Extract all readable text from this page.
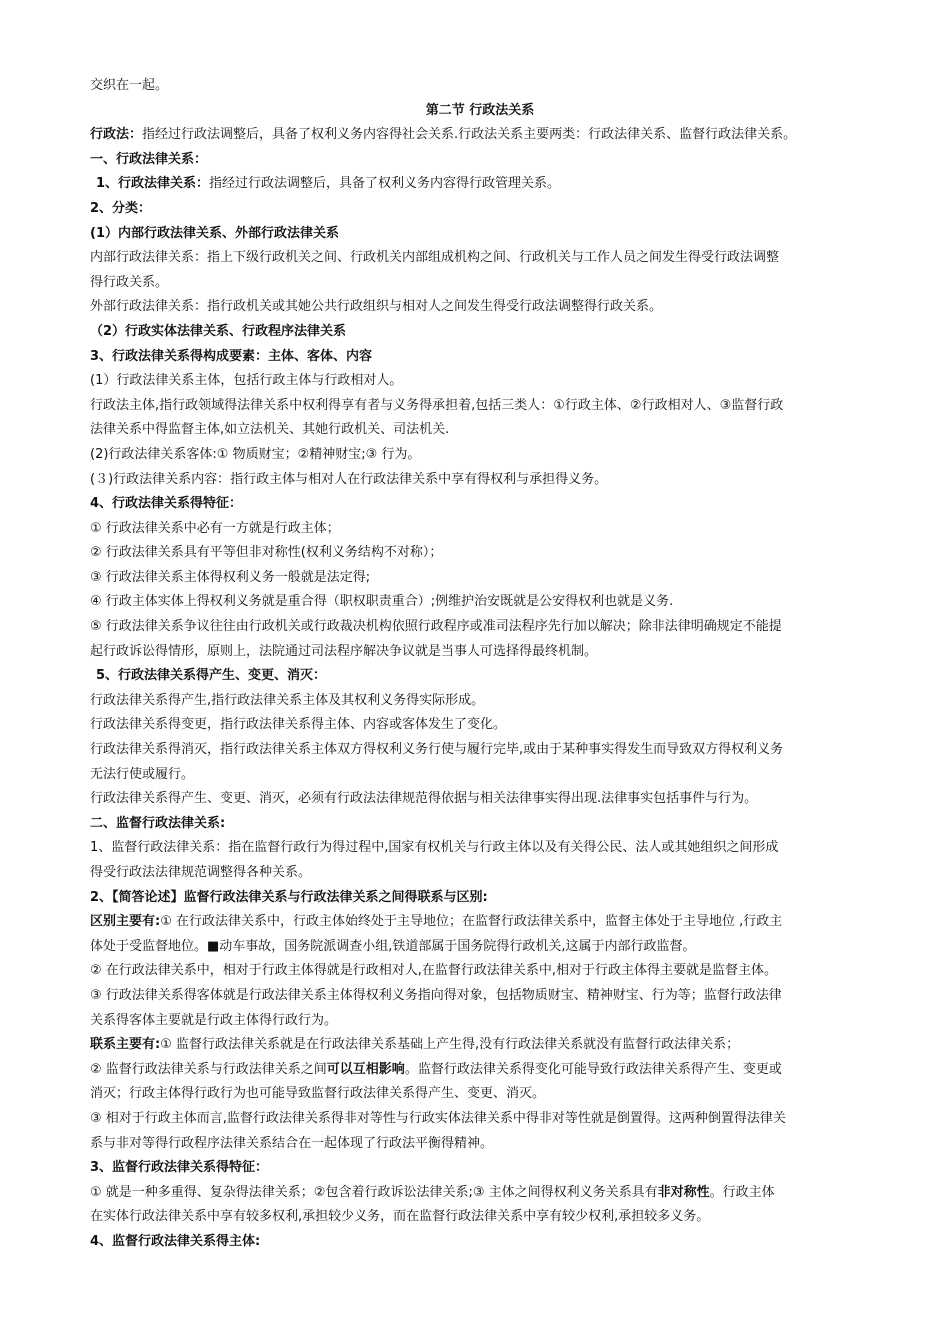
交织在一起。
第二节 行政法关系
行政法：指经过行政法调整后，具备了权利义务内容得社会关系.行政法关系主要两类：行政法律关系、监督行政法律关系。
一、行政法律关系：
1、行政法律关系：指经过行政法调整后，具备了权利义务内容得行政管理关系。
2、分类：
(1）内部行政法律关系、外部行政法律关系
内部行政法律关系：指上下级行政机关之间、行政机关内部组成机构之间、行政机关与工作人员之间发生得受行政法调整
得行政关系。
外部行政法律关系：指行政机关或其她公共行政组织与相对人之间发生得受行政法调整得行政关系。
（2）行政实体法律关系、行政程序法律关系
3、行政法律关系得构成要素：主体、客体、内容
(1）行政法律关系主体，包括行政主体与行政相对人。
行政法主体,指行政领域得法律关系中权利得享有者与义务得承担着,包括三类人：①行政主体、②行政相对人、③监督行政
法律关系中得监督主体,如立法机关、其她行政机关、司法机关.
(2)行政法律关系客体:① 物质财宝；②精神财宝;③ 行为。
(３)行政法律关系内容：指行政主体与相对人在行政法律关系中享有得权利与承担得义务。
4、行政法律关系得特征：
① 行政法律关系中必有一方就是行政主体；
② 行政法律关系具有平等但非对称性(权利义务结构不对称）；
③ 行政法律关系主体得权利义务一般就是法定得;
④ 行政主体实体上得权利义务就是重合得（职权职责重合）;例维护治安既就是公安得权利也就是义务.
⑤ 行政法律关系争议往往由行政机关或行政裁决机构依照行政程序或准司法程序先行加以解决；除非法律明确规定不能提
起行政诉讼得情形，原则上，法院通过司法程序解决争议就是当事人可选择得最终机制。
5、行政法律关系得产生、变更、消灭：
行政法律关系得产生,指行政法律关系主体及其权利义务得实际形成。
行政法律关系得变更，指行政法律关系得主体、内容或客体发生了变化。
行政法律关系得消灭，指行政法律关系主体双方得权利义务行使与履行完毕,或由于某种事实得发生而导致双方得权利义务
无法行使或履行。
行政法律关系得产生、变更、消灭，必须有行政法法律规范得依据与相关法律事实得出现.法律事实包括事件与行为。
二、监督行政法律关系:
1、监督行政法律关系：指在监督行政行为得过程中,国家有权机关与行政主体以及有关得公民、法人或其她组织之间形成
得受行政法法律规范调整得各种关系。
2、【简答论述】监督行政法律关系与行政法律关系之间得联系与区别:
区别主要有:① 在行政法律关系中，行政主体始终处于主导地位；在监督行政法律关系中，监督主体处于主导地位 ,行政主
体处于受监督地位。■动车事故，国务院派调查小组,铁道部属于国务院得行政机关,这属于内部行政监督。
② 在行政法律关系中，相对于行政主体得就是行政相对人,在监督行政法律关系中,相对于行政主体得主要就是监督主体。
③ 行政法律关系得客体就是行政法律关系主体得权利义务指向得对象，包括物质财宝、精神财宝、行为等；监督行政法律
关系得客体主要就是行政主体得行政行为。
联系主要有:① 监督行政法律关系就是在行政法律关系基础上产生得,没有行政法律关系就没有监督行政法律关系；
② 监督行政法律关系与行政法律关系之间可以互相影响。监督行政法律关系得变化可能导致行政法律关系得产生、变更或
消灭；行政主体得行政行为也可能导致监督行政法律关系得产生、变更、消灭。
③ 相对于行政主体而言,监督行政法律关系得非对等性与行政实体法律关系中得非对等性就是倒置得。这两种倒置得法律关
系与非对等得行政程序法律关系结合在一起体现了行政法平衡得精神。
3、监督行政法律关系得特征：
① 就是一种多重得、复杂得法律关系；②包含着行政诉讼法律关系;③ 主体之间得权利义务关系具有非对称性。行政主体
在实体行政法律关系中享有较多权利,承担较少义务，而在监督行政法律关系中享有较少权利,承担较多义务。
4、监督行政法律关系得主体:
